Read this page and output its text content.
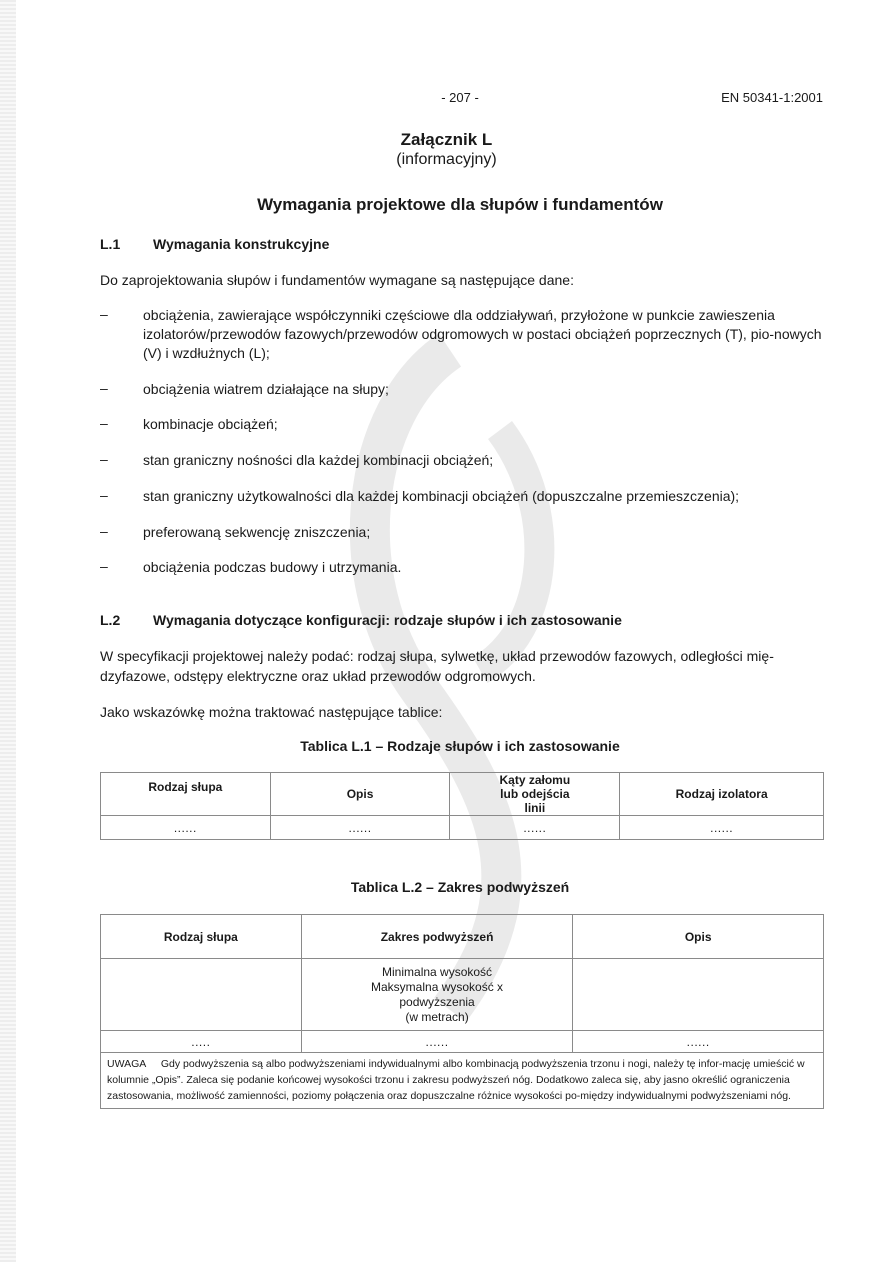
- 207 -	EN 50341-1:2001
Załącznik L
(informacyjny)
Wymagania projektowe dla słupów i fundamentów
L.1 Wymagania konstrukcyjne
Do zaprojektowania słupów i fundamentów wymagane są następujące dane:
–	obciążenia, zawierające współczynniki częściowe dla oddziaływań, przyłożone w punkcie zawieszenia izolatorów/przewodów fazowych/przewodów odgromowych w postaci obciążeń poprzecznych (T), pio-nowych (V) i wzdłużnych (L);
–	obciążenia wiatrem działające na słupy;
–	kombinacje obciążeń;
–	stan graniczny nośności dla każdej kombinacji obciążeń;
–	stan graniczny użytkowalności dla każdej kombinacji obciążeń (dopuszczalne przemieszczenia);
–	preferowaną sekwencję zniszczenia;
–	obciążenia podczas budowy i utrzymania.
L.2 Wymagania dotyczące konfiguracji: rodzaje słupów i ich zastosowanie
W specyfikacji projektowej należy podać: rodzaj słupa, sylwetkę, układ przewodów fazowych, odległości mię-dzyfazowe, odstępy elektryczne oraz układ przewodów odgromowych.
Jako wskazówkę można traktować następujące tablice:
Tablica L.1 – Rodzaje słupów i ich zastosowanie
Rodzaj słupa	Opis	Kąty załomu lub odejścia linii	Rodzaj izolatora
......	......	......	......
Tablica L.2 – Zakres podwyższeń
Rodzaj słupa	Zakres podwyższeń	Opis

	Minimalna wysokość
Maksymalna wysokość x
podwyższenia
(w metrach)	

.....	......	......
UWAGA Gdy podwyższenia są albo podwyższeniami indywidualnymi albo kombinacją podwyższenia trzonu i nogi, należy tę infor-mację umieścić w kolumnie „Opis”. Zaleca się podanie końcowej wysokości trzonu i zakresu podwyższeń nóg. Dodatkowo zaleca się, aby jasno określić ograniczenia zastosowania, możliwość zamienności, poziomy połączenia oraz dopuszczalne różnice wysokości po-między indywidualnymi podwyższeniami nóg.		
